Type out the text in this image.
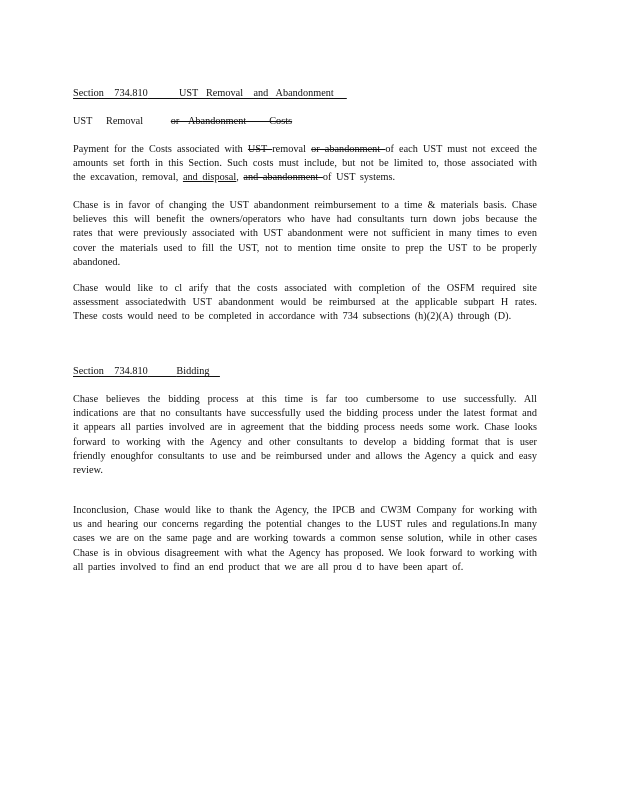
Section    734.810	UST   Removal    and   Abandonment

UST   Removal	or  Abandonment     Costs

Payment for the Costs associated with UST removal or abandonment of each UST must not exceed the amounts set forth in this Section. Such costs must include, but not be limited to, those associated with the excavation, removal, and disposal, and abandonment of UST systems.

Chase is in favor of changing the UST abandonment reimbursement to a time & materials basis. Chase believes this will benefit the owners/operators who have had consultants turn down jobs because the rates that were previously associated with UST abandonment were not sufficient in many times to even cover the materials used to fill the UST, not to mention time onsite to prep the UST to be properly abandoned.

Chase would like to cl arify that the costs associated with completion of the OSFM required site assessment associatedwith UST abandonment would be reimbursed at the applicable subpart H rates. These costs would need to be completed in accordance with 734 subsections (h)(2)(A) through (D).

Section    734.810	Bidding

Chase believes the bidding process at this time is far too cumbersome to use successfully. All indications are that no consultants have successfully used the bidding process under the latest format and it appears all parties involved are in agreement that the bidding process needs some work. Chase looks forward to working with the Agency and other consultants to develop a bidding format that is user friendly enoughfor consultants to use and be reimbursed under and allows the Agency a quick and easy review.

Inconclusion, Chase would like to thank the Agency, the IPCB and CW3M Company for working with us and hearing our concerns regarding the potential changes to the LUST rules and regulations.In many cases we are on the same page and are working towards a common sense solution, while in other cases Chase is in obvious disagreement with what the Agency has proposed. We look forward to working with all parties involved to find an end product that we are all prou d to have been apart of.
